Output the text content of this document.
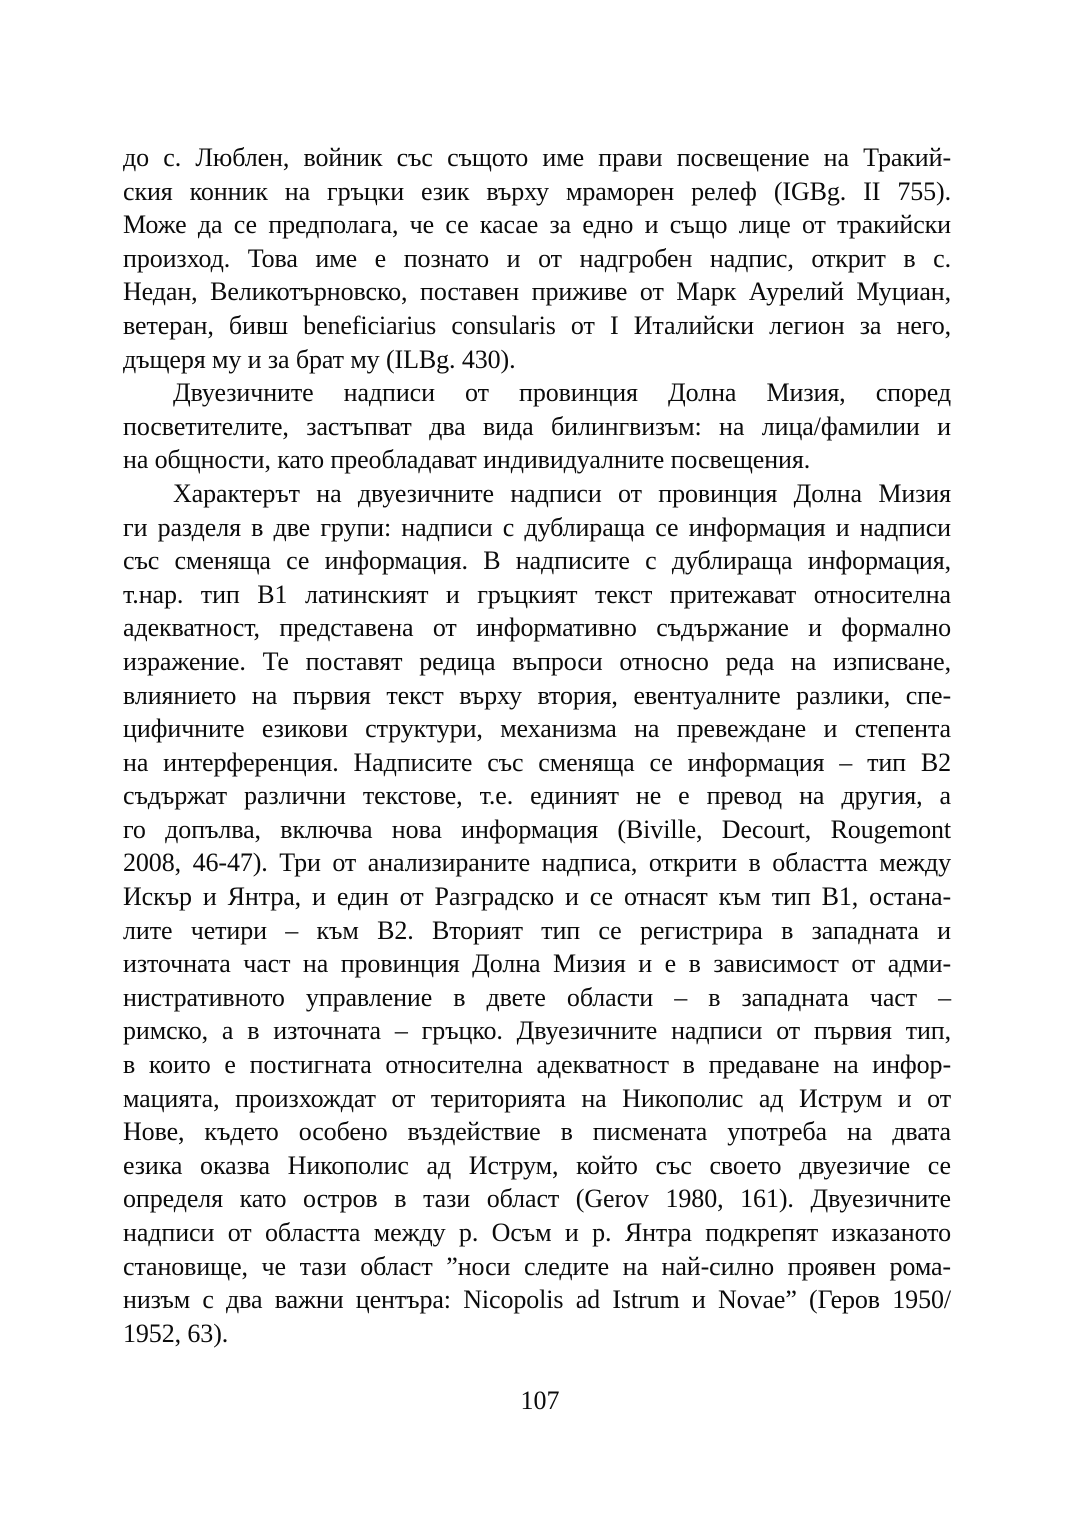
до с. Люблен, войник със същото име прави посвещение на Тракий-
ския конник на гръцки език върху мраморен релеф (IGBg. II 755).
Може да се предполага, че се касае за едно и също лице от тракийски
произход. Това име е познато и от надгробен надпис, открит в с.
Недан, Великотърновско, поставен приживе от Марк Аурелий Муциан,
ветеран, бивш beneficiarius consularis от I Италийски легион за него,
дъщеря му и за брат му (ILBg. 430).
Двуезичните надписи от провинция Долна Мизия, според
посветителите, застъпват два вида билингвизъм: на лица/фамилии и
на общности, като преобладават индивидуалните посвещения.
Характерът на двуезичните надписи от провинция Долна Мизия
ги разделя в две групи: надписи с дублираща се информация и надписи
със сменяща се информация. В надписите с дублираща информация,
т.нар. тип B1 латинският и гръцкият текст притежават относителна
адекватност, представена от информативно съдържание и формално
изражение. Те поставят редица въпроси относно реда на изписване,
влиянието на първия текст върху втория, евентуалните разлики, спе-
цифичните езикови структури, механизма на превеждане и степента
на интерференция. Надписите със сменяща се информация – тип B2
съдържат различни текстове, т.е. единият не е превод на другия, а
го допълва, включва нова информация (Biville, Decourt, Rougemont
2008, 46-47). Три от анализираните надписа, открити в областта между
Искър и Янтра, и един от Разградско и се отнасят към тип B1, остана-
лите четири – към B2. Вторият тип се регистрира в западната и
източната част на провинция Долна Мизия и е в зависимост от адми-
нистративното управление в двете области – в западната част –
римско, а в източната – гръцко. Двуезичните надписи от първия тип,
в които е постигната относителна адекватност в предаване на инфор-
мацията, произхождат от територията на Никополис ад Иструм и от
Нове, където особено въздействие в писмената употреба на двата
езика оказва Никополис ад Иструм, който със своето двуезичие се
определя като остров в тази област (Gerov 1980, 161). Двуезичните
надписи от областта между р. Осъм и р. Янтра подкрепят изказаното
становище, че тази област ”носи следите на най-силно проявен рома-
низъм с два важни центъра: Nicopolis ad Istrum и Novae” (Геров 1950/
1952, 63).
107
